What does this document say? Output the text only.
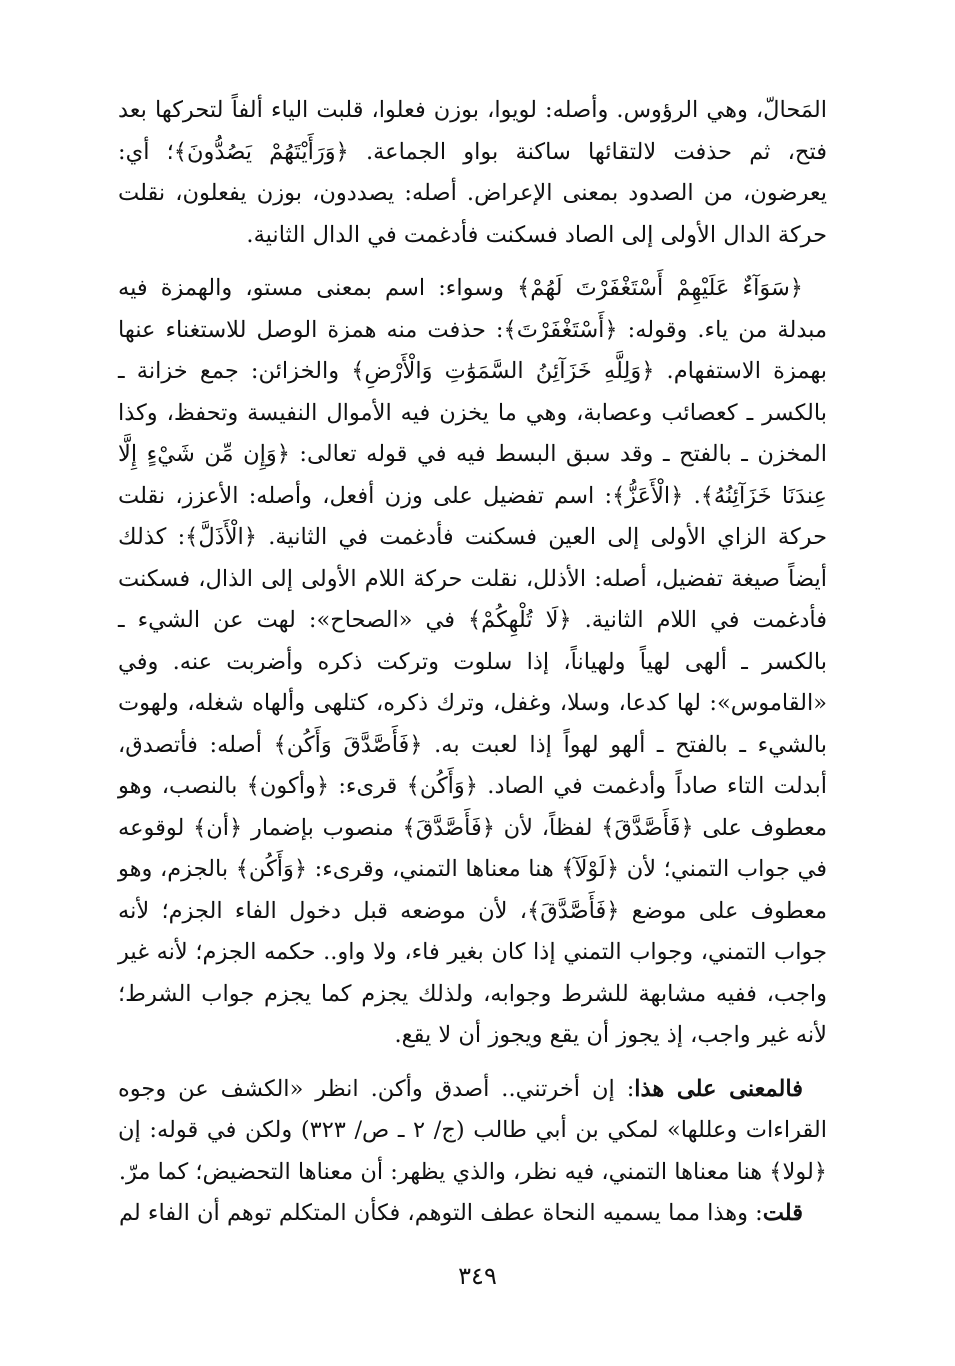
المَحالّ، وهي الرؤوس. وأصله: لويوا، بوزن فعلوا، قلبت الياء ألفاً لتحركها بعد فتح، ثم حذفت لالتقائها ساكنة بواو الجماعة. ﴿وَرَأَيْتَهُمْ يَصُدُّونَ﴾؛ أي: يعرضون، من الصدود بمعنى الإعراض. أصله: يصددون، بوزن يفعلون، نقلت حركة الدال الأولى إلى الصاد فسكنت فأدغمت في الدال الثانية.

﴿سَوَآءٌ عَلَيْهِمْ أَسْتَغْفَرْتَ لَهُمْ﴾ وسواء: اسم بمعنى مستو، والهمزة فيه مبدلة من ياء. وقوله: ﴿أَسْتَغْفَرْتَ﴾: حذفت منه همزة الوصل للاستغناء عنها بهمزة الاستفهام. ﴿وَلِلَّهِ خَزَآئِنُ السَّمَوَٰتِ وَالْأَرْضِ﴾ والخزائن: جمع خزانة ـ بالكسر ـ كعصائب وعصابة، وهي ما يخزن فيه الأموال النفيسة وتحفظ، وكذا المخزن ـ بالفتح ـ وقد سبق البسط فيه في قوله تعالى: ﴿وَإِن مِّن شَيْءٍ إِلَّا عِندَنَا خَزَآئِنُهُ﴾. ﴿الْأَعَزُّ﴾: اسم تفضيل على وزن أفعل، وأصله: الأعزز، نقلت حركة الزاي الأولى إلى العين فسكنت فأدغمت في الثانية. ﴿الْأَذَلَّ﴾: كذلك أيضاً صيغة تفضيل، أصله: الأذلل، نقلت حركة اللام الأولى إلى الذال، فسكنت فأدغمت في اللام الثانية. ﴿لَا تُلْهِكُمْ﴾ في «الصحاح»: لهت عن الشيء ـ بالكسر ـ ألهى لهياً ولهياناً، إذا سلوت وتركت ذكره وأضربت عنه. وفي «القاموس»: لها كدعا، وسلا، وغفل، وترك ذكره، كتلهى وألهاه شغله، ولهوت بالشيء ـ بالفتح ـ ألهو لهواً إذا لعبت به. ﴿فَأَصَّدَّقَ وَأَكُن﴾ أصله: فأتصدق، أبدلت التاء صاداً وأدغمت في الصاد. ﴿وَأَكُن﴾ قرىء: ﴿وأكون﴾ بالنصب، وهو معطوف على ﴿فَأَصَّدَّقَ﴾ لفظاً، لأن ﴿فَأَصَّدَّقَ﴾ منصوب بإضمار ﴿أن﴾ لوقوعه في جواب التمني؛ لأن ﴿لَوْلَآ﴾ هنا معناها التمني، وقرىء: ﴿وَأَكُن﴾ بالجزم، وهو معطوف على موضع ﴿فَأَصَّدَّقَ﴾، لأن موضعه قبل دخول الفاء الجزم؛ لأنه جواب التمني، وجواب التمني إذا كان بغير فاء، ولا واو.. حكمه الجزم؛ لأنه غير واجب، ففيه مشابهة للشرط وجوابه، ولذلك يجزم كما يجزم جواب الشرط؛ لأنه غير واجب، إذ يجوز أن يقع ويجوز أن لا يقع.

فالمعنى على هذا: إن أخرتني.. أصدق وأكن. انظر «الكشف عن وجوه القراءات وعللها» لمكي بن أبي طالب (ج/ ٢ ـ ص/ ٣٢٣) ولكن في قوله: إن ﴿لولا﴾ هنا معناها التمني، فيه نظر، والذي يظهر: أن معناها التحضيض؛ كما مرّ.

قلت: وهذا مما يسميه النحاة عطف التوهم، فكأن المتكلم توهم أن الفاء لم

٣٤٩
